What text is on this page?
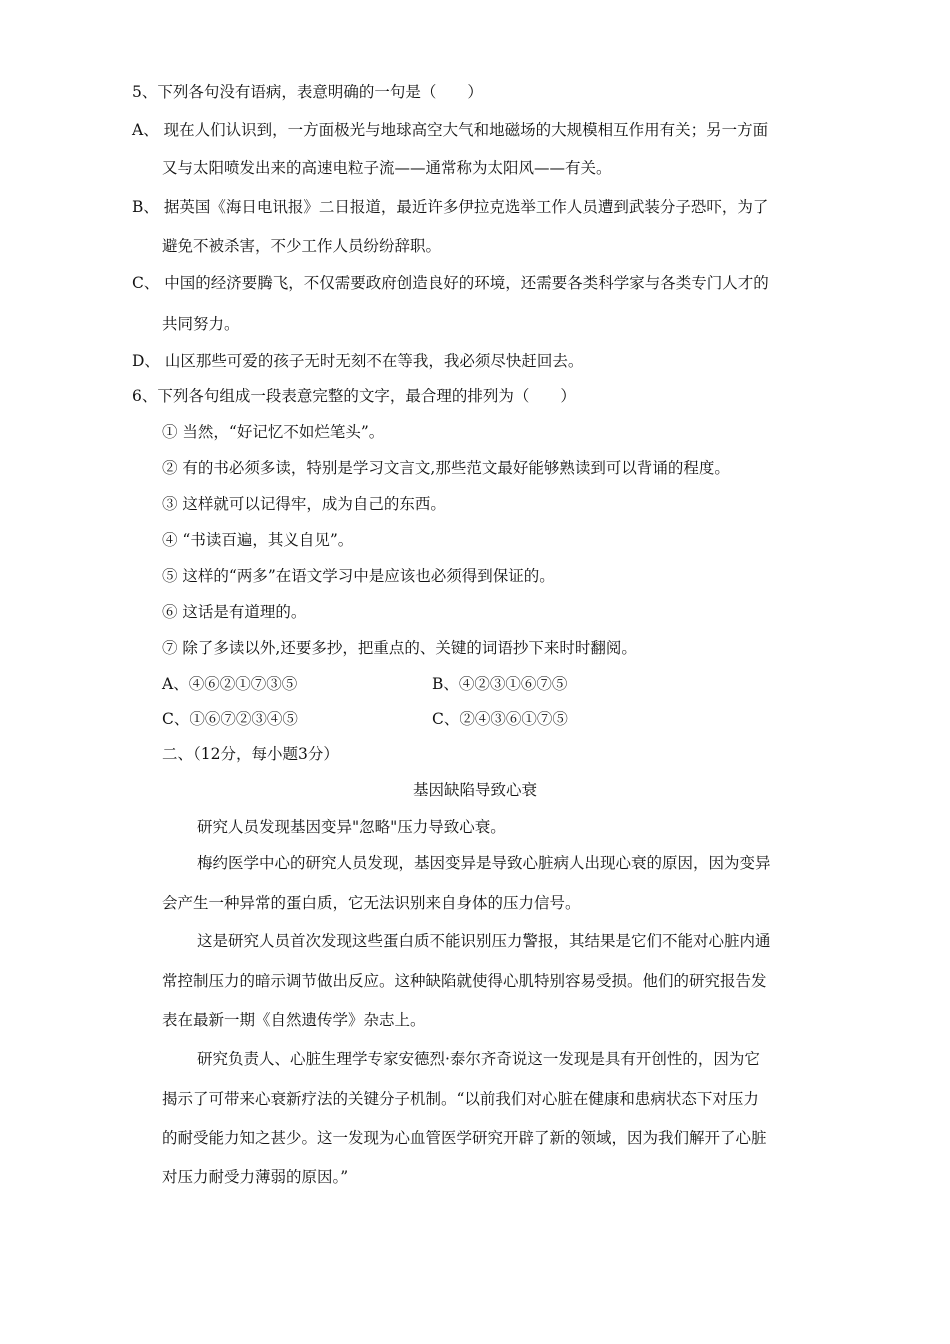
5、下列各句没有语病，表意明确的一句是（　　）
A、 现在人们认识到，一方面极光与地球高空大气和地磁场的大规模相互作用有关；另一方面
又与太阳喷发出来的高速电粒子流——通常称为太阳风——有关。
B、 据英国《海日电讯报》二日报道，最近许多伊拉克选举工作人员遭到武装分子恐吓，为了
避免不被杀害，不少工作人员纷纷辞职。
C、 中国的经济要腾飞，不仅需要政府创造良好的环境，还需要各类科学家与各类专门人才的
共同努力。
D、 山区那些可爱的孩子无时无刻不在等我，我必须尽快赶回去。
6、下列各句组成一段表意完整的文字，最合理的排列为（　　）
① 当然，“好记忆不如烂笔头”。
② 有的书必须多读，特别是学习文言文,那些范文最好能够熟读到可以背诵的程度。
③ 这样就可以记得牢，成为自己的东西。
④ “书读百遍，其义自见”。
⑤ 这样的“两多”在语文学习中是应该也必须得到保证的。
⑥ 这话是有道理的。
⑦ 除了多读以外,还要多抄，把重点的、关键的词语抄下来时时翻阅。
A、④⑥②①⑦③⑤	B、④②③①⑥⑦⑤
C、①⑥⑦②③④⑤	C、②④③⑥①⑦⑤
二、（12分，每小题3分）
基因缺陷导致心衰
研究人员发现基因变异"忽略"压力导致心衰。
梅约医学中心的研究人员发现，基因变异是导致心脏病人出现心衰的原因，因为变异
会产生一种异常的蛋白质，它无法识别来自身体的压力信号。
这是研究人员首次发现这些蛋白质不能识别压力警报，其结果是它们不能对心脏内通
常控制压力的暗示调节做出反应。这种缺陷就使得心肌特别容易受损。他们的研究报告发
表在最新一期《自然遗传学》杂志上。
研究负责人、心脏生理学专家安德烈·泰尔齐奇说这一发现是具有开创性的，因为它
揭示了可带来心衰新疗法的关键分子机制。“以前我们对心脏在健康和患病状态下对压力
的耐受能力知之甚少。这一发现为心血管医学研究开辟了新的领域，因为我们解开了心脏
对压力耐受力薄弱的原因。”
